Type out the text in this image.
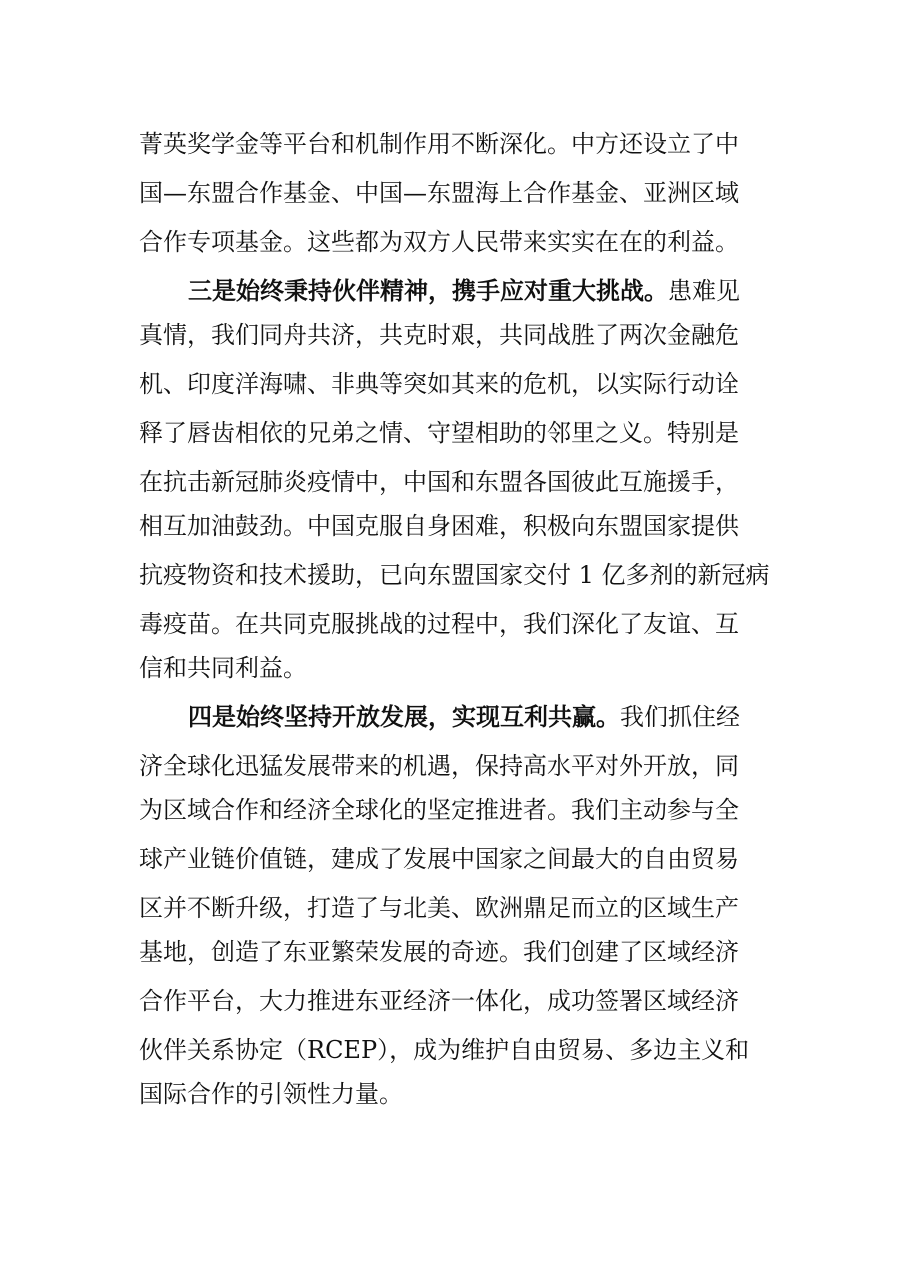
菁英奖学金等平台和机制作用不断深化。中方还设立了中
国—东盟合作基金、中国—东盟海上合作基金、亚洲区域
合作专项基金。这些都为双方人民带来实实在在的利益。
三是始终秉持伙伴精神，携手应对重大挑战。患难见
真情，我们同舟共济，共克时艰，共同战胜了两次金融危
机、印度洋海啸、非典等突如其来的危机，以实际行动诠
释了唇齿相依的兄弟之情、守望相助的邻里之义。特别是
在抗击新冠肺炎疫情中，中国和东盟各国彼此互施援手，
相互加油鼓劲。中国克服自身困难，积极向东盟国家提供
抗疫物资和技术援助，已向东盟国家交付 1 亿多剂的新冠病
毒疫苗。在共同克服挑战的过程中，我们深化了友谊、互
信和共同利益。
四是始终坚持开放发展，实现互利共赢。我们抓住经
济全球化迅猛发展带来的机遇，保持高水平对外开放，同
为区域合作和经济全球化的坚定推进者。我们主动参与全
球产业链价值链，建成了发展中国家之间最大的自由贸易
区并不断升级，打造了与北美、欧洲鼎足而立的区域生产
基地，创造了东亚繁荣发展的奇迹。我们创建了区域经济
合作平台，大力推进东亚经济一体化，成功签署区域经济
伙伴关系协定（RCEP），成为维护自由贸易、多边主义和
国际合作的引领性力量。
